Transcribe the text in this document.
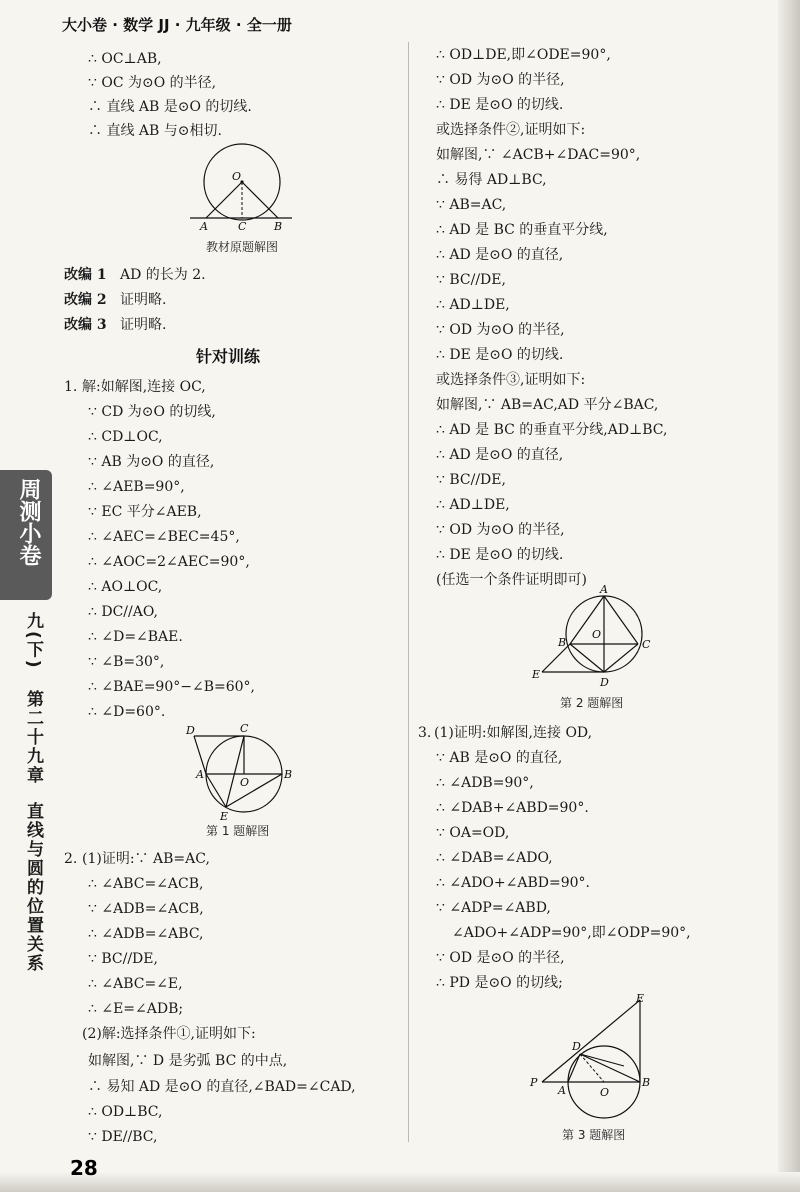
大小卷 · 数学 JJ · 九年级 · 全一册
周测小卷
九(下)
第二十九章
直线与圆的位置关系
∴ OC⊥AB,
∵ OC 为⊙O 的半径,
∴ 直线 AB 是⊙O 的切线.
∴ 直线 AB 与⊙相切.
O
A	C	B
教材原题解图
改编 1 AD 的长为 2.
改编 2 证明略.
改编 3 证明略.
针对训练
1. 解:如解图,连接 OC,
∵ CD 为⊙O 的切线,
∴ CD⊥OC,
∵ AB 为⊙O 的直径,
∴ ∠AEB=90°,
∵ EC 平分∠AEB,
∴ ∠AEC=∠BEC=45°,
∴ ∠AOC=2∠AEC=90°,
∴ AO⊥OC,
∴ DC//AO,
∴ ∠D=∠BAE.
∵ ∠B=30°,
∴ ∠BAE=90°−∠B=60°,
∴ ∠D=60°.
D	C
A
O
B
E
第 1 题解图
2. (1)证明:∵ AB=AC,
∴ ∠ABC=∠ACB,
∵ ∠ADB=∠ACB,
∴ ∠ADB=∠ABC,
∵ BC//DE,
∴ ∠ABC=∠E,
∴ ∠E=∠ADB;
(2)解:选择条件①,证明如下:
如解图,∵ D 是劣弧 BC 的中点,
∴ 易知 AD 是⊙O 的直径,∠BAD=∠CAD,
∴ OD⊥BC,
∵ DE//BC,
∴ OD⊥DE,即∠ODE=90°,
∵ OD 为⊙O 的半径,
∴ DE 是⊙O 的切线.
或选择条件②,证明如下:
如解图,∵ ∠ACB+∠DAC=90°,
∴ 易得 AD⊥BC,
∵ AB=AC,
∴ AD 是 BC 的垂直平分线,
∴ AD 是⊙O 的直径,
∵ BC//DE,
∴ AD⊥DE,
∵ OD 为⊙O 的半径,
∴ DE 是⊙O 的切线.
或选择条件③,证明如下:
如解图,∵ AB=AC,AD 平分∠BAC,
∴ AD 是 BC 的垂直平分线,AD⊥BC,
∴ AD 是⊙O 的直径,
∵ BC//DE,
∴ AD⊥DE,
∵ OD 为⊙O 的半径,
∴ DE 是⊙O 的切线.
(任选一个条件证明即可)
A
B
O
C
E
D
第 2 题解图
3. (1)证明:如解图,连接 OD,
∵ AB 是⊙O 的直径,
∴ ∠ADB=90°,
∴ ∠DAB+∠ABD=90°.
∵ OA=OD,
∴ ∠DAB=∠ADO,
∴ ∠ADO+∠ABD=90°.
∵ ∠ADP=∠ABD,
∠ADO+∠ADP=90°,即∠ODP=90°,
∵ OD 是⊙O 的半径,
∴ PD 是⊙O 的切线;
E
D
P
A	O
B
第 3 题解图
28
